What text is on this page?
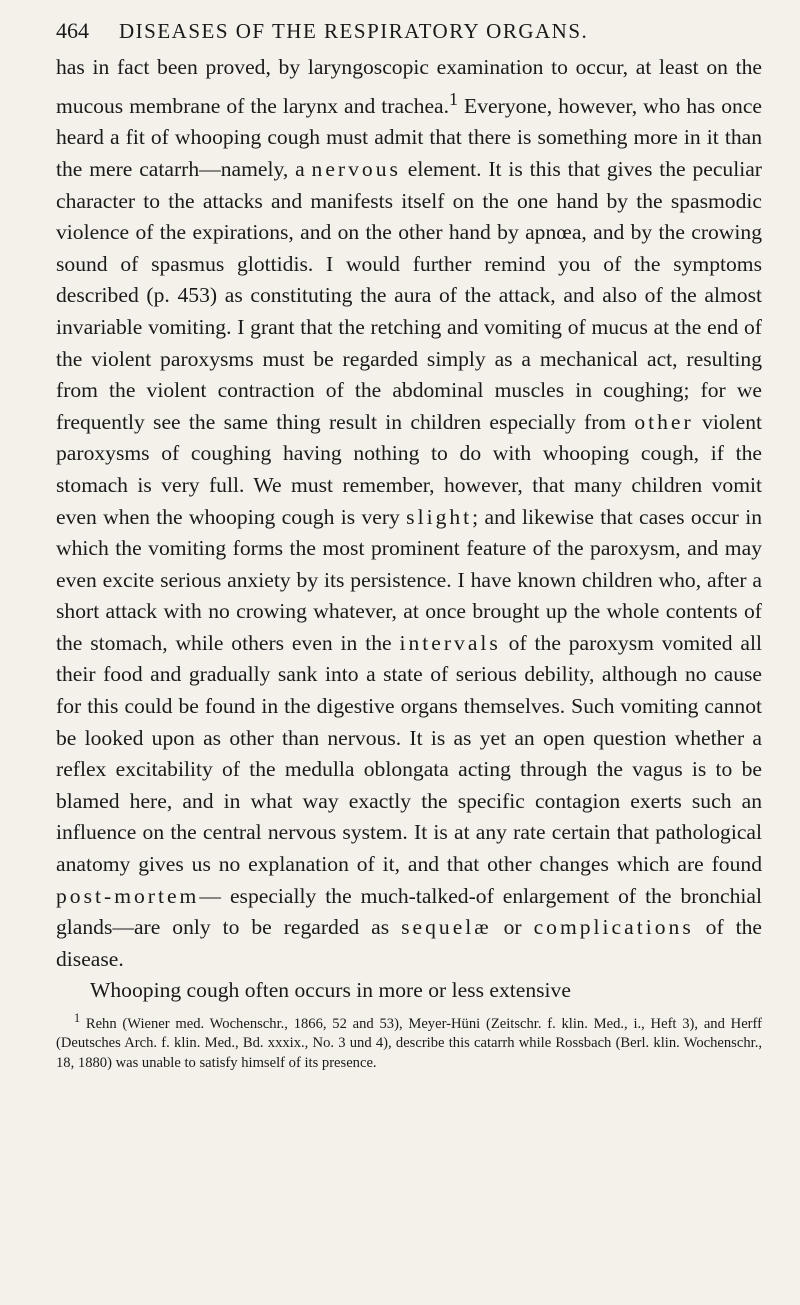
464 DISEASES OF THE RESPIRATORY ORGANS.

has in fact been proved, by laryngoscopic examination to occur, at least on the mucous membrane of the larynx and trachea.$^1$ Everyone, however, who has once heard a fit of whooping cough must admit that there is something more in it than the mere catarrh—namely, a nervous element. It is this that gives the peculiar character to the attacks and manifests itself on the one hand by the spasmodic violence of the expirations, and on the other hand by apnœa, and by the crowing sound of spasmus glottidis. I would further remind you of the symptoms described (p. 453) as constituting the aura of the attack, and also of the almost invariable vomiting. I grant that the retching and vomiting of mucus at the end of the violent paroxysms must be regarded simply as a mechanical act, resulting from the violent contraction of the abdominal muscles in coughing; for we frequently see the same thing result in children especially from other violent paroxysms of coughing having nothing to do with whooping cough, if the stomach is very full. We must remember, however, that many children vomit even when the whooping cough is very slight; and likewise that cases occur in which the vomiting forms the most prominent feature of the paroxysm, and may even excite serious anxiety by its persistence. I have known children who, after a short attack with no crowing whatever, at once brought up the whole contents of the stomach, while others even in the intervals of the paroxysm vomited all their food and gradually sank into a state of serious debility, although no cause for this could be found in the digestive organs themselves. Such vomiting cannot be looked upon as other than nervous. It is as yet an open question whether a reflex excitability of the medulla oblongata acting through the vagus is to be blamed here, and in what way exactly the specific contagion exerts such an influence on the central nervous system. It is at any rate certain that pathological anatomy gives us no explanation of it, and that other changes which are found post-mortem— especially the much-talked-of enlargement of the bronchial glands—are only to be regarded as sequelæ or complications of the disease.

Whooping cough often occurs in more or less extensive

$^1$ Rehn (Wiener med. Wochenschr., 1866, 52 and 53), Meyer-Hüni (Zeitschr. f. klin. Med., i., Heft 3), and Herff (Deutsches Arch. f. klin. Med., Bd. xxxix., No. 3 und 4), describe this catarrh while Rossbach (Berl. klin. Wochenschr., 18, 1880) was unable to satisfy himself of its presence.
